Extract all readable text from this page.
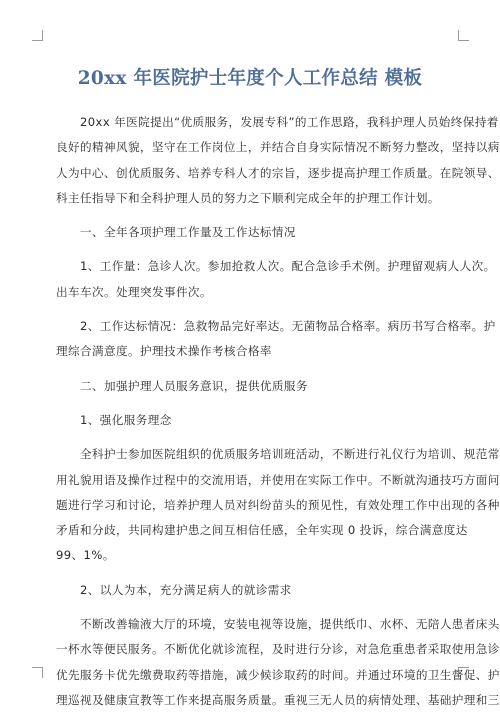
20xx 年医院护士年度个人工作总结 模板

20xx 年医院提出“优质服务，发展专科”的工作思路，我科护理人员始终保持着
良好的精神风貌，坚守在工作岗位上，并结合自身实际情况不断努力整改，坚持以病
人为中心、创优质服务、培养专科人才的宗旨，逐步提高护理工作质量。在院领导、
科主任指导下和全科护理人员的努力之下顺利完成全年的护理工作计划。

一、全年各项护理工作量及工作达标情况

1、工作量：急诊人次。参加抢救人次。配合急诊手术例。护理留观病人人次。
出车车次。处理突发事件次。

2、工作达标情况：急救物品完好率达。无菌物品合格率。病历书写合格率。护
理综合满意度。护理技术操作考核合格率

二、加强护理人员服务意识，提供优质服务

1、强化服务理念

全科护士参加医院组织的优质服务培训班活动，不断进行礼仪行为培训、规范常
用礼貌用语及操作过程中的交流用语，并使用在实际工作中。不断就沟通技巧方面问
题进行学习和讨论，培养护理人员对纠纷苗头的预见性，有效处理工作中出现的各种
矛盾和分歧，共同构建护患之间互相信任感，全年实现 0 投诉，综合满意度达
99、1%。

2、以人为本，充分满足病人的就诊需求

不断改善输液大厅的环境，安装电视等设施，提供纸巾、水杯、无陪人患者床头
一杯水等便民服务。不断优化就诊流程，及时进行分诊，对急危重患者采取使用急诊
优先服务卡优先缴费取药等措施，减少候诊取药的时间。并通过环境的卫生督促、护
理巡视及健康宣教等工作来提高服务质量。重视三无人员的病情处理、基础护理和三
